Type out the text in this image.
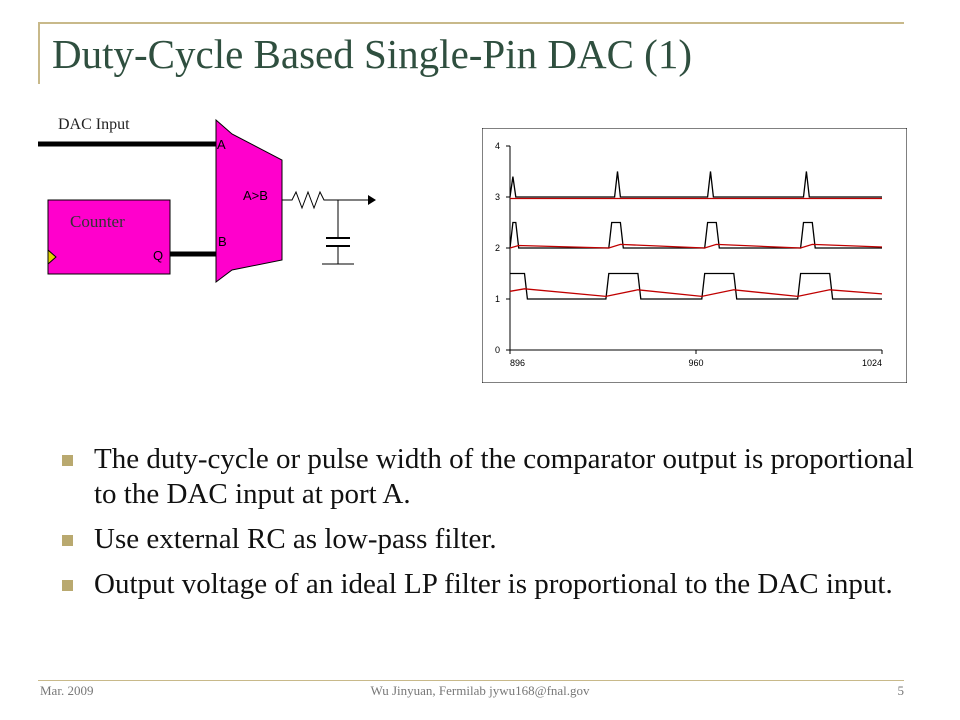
Duty-Cycle Based Single-Pin DAC (1)
DAC Input
A
B
A>B
Counter
Q
0
1
2
3
4
896	960	1024
The duty-cycle or pulse width of the comparator output is proportional to the DAC input at port A.
Use external RC as low-pass filter.
Output voltage of an ideal LP filter is proportional to the DAC input.
Mar. 2009	Wu Jinyuan, Fermilab jywu168@fnal.gov	5
